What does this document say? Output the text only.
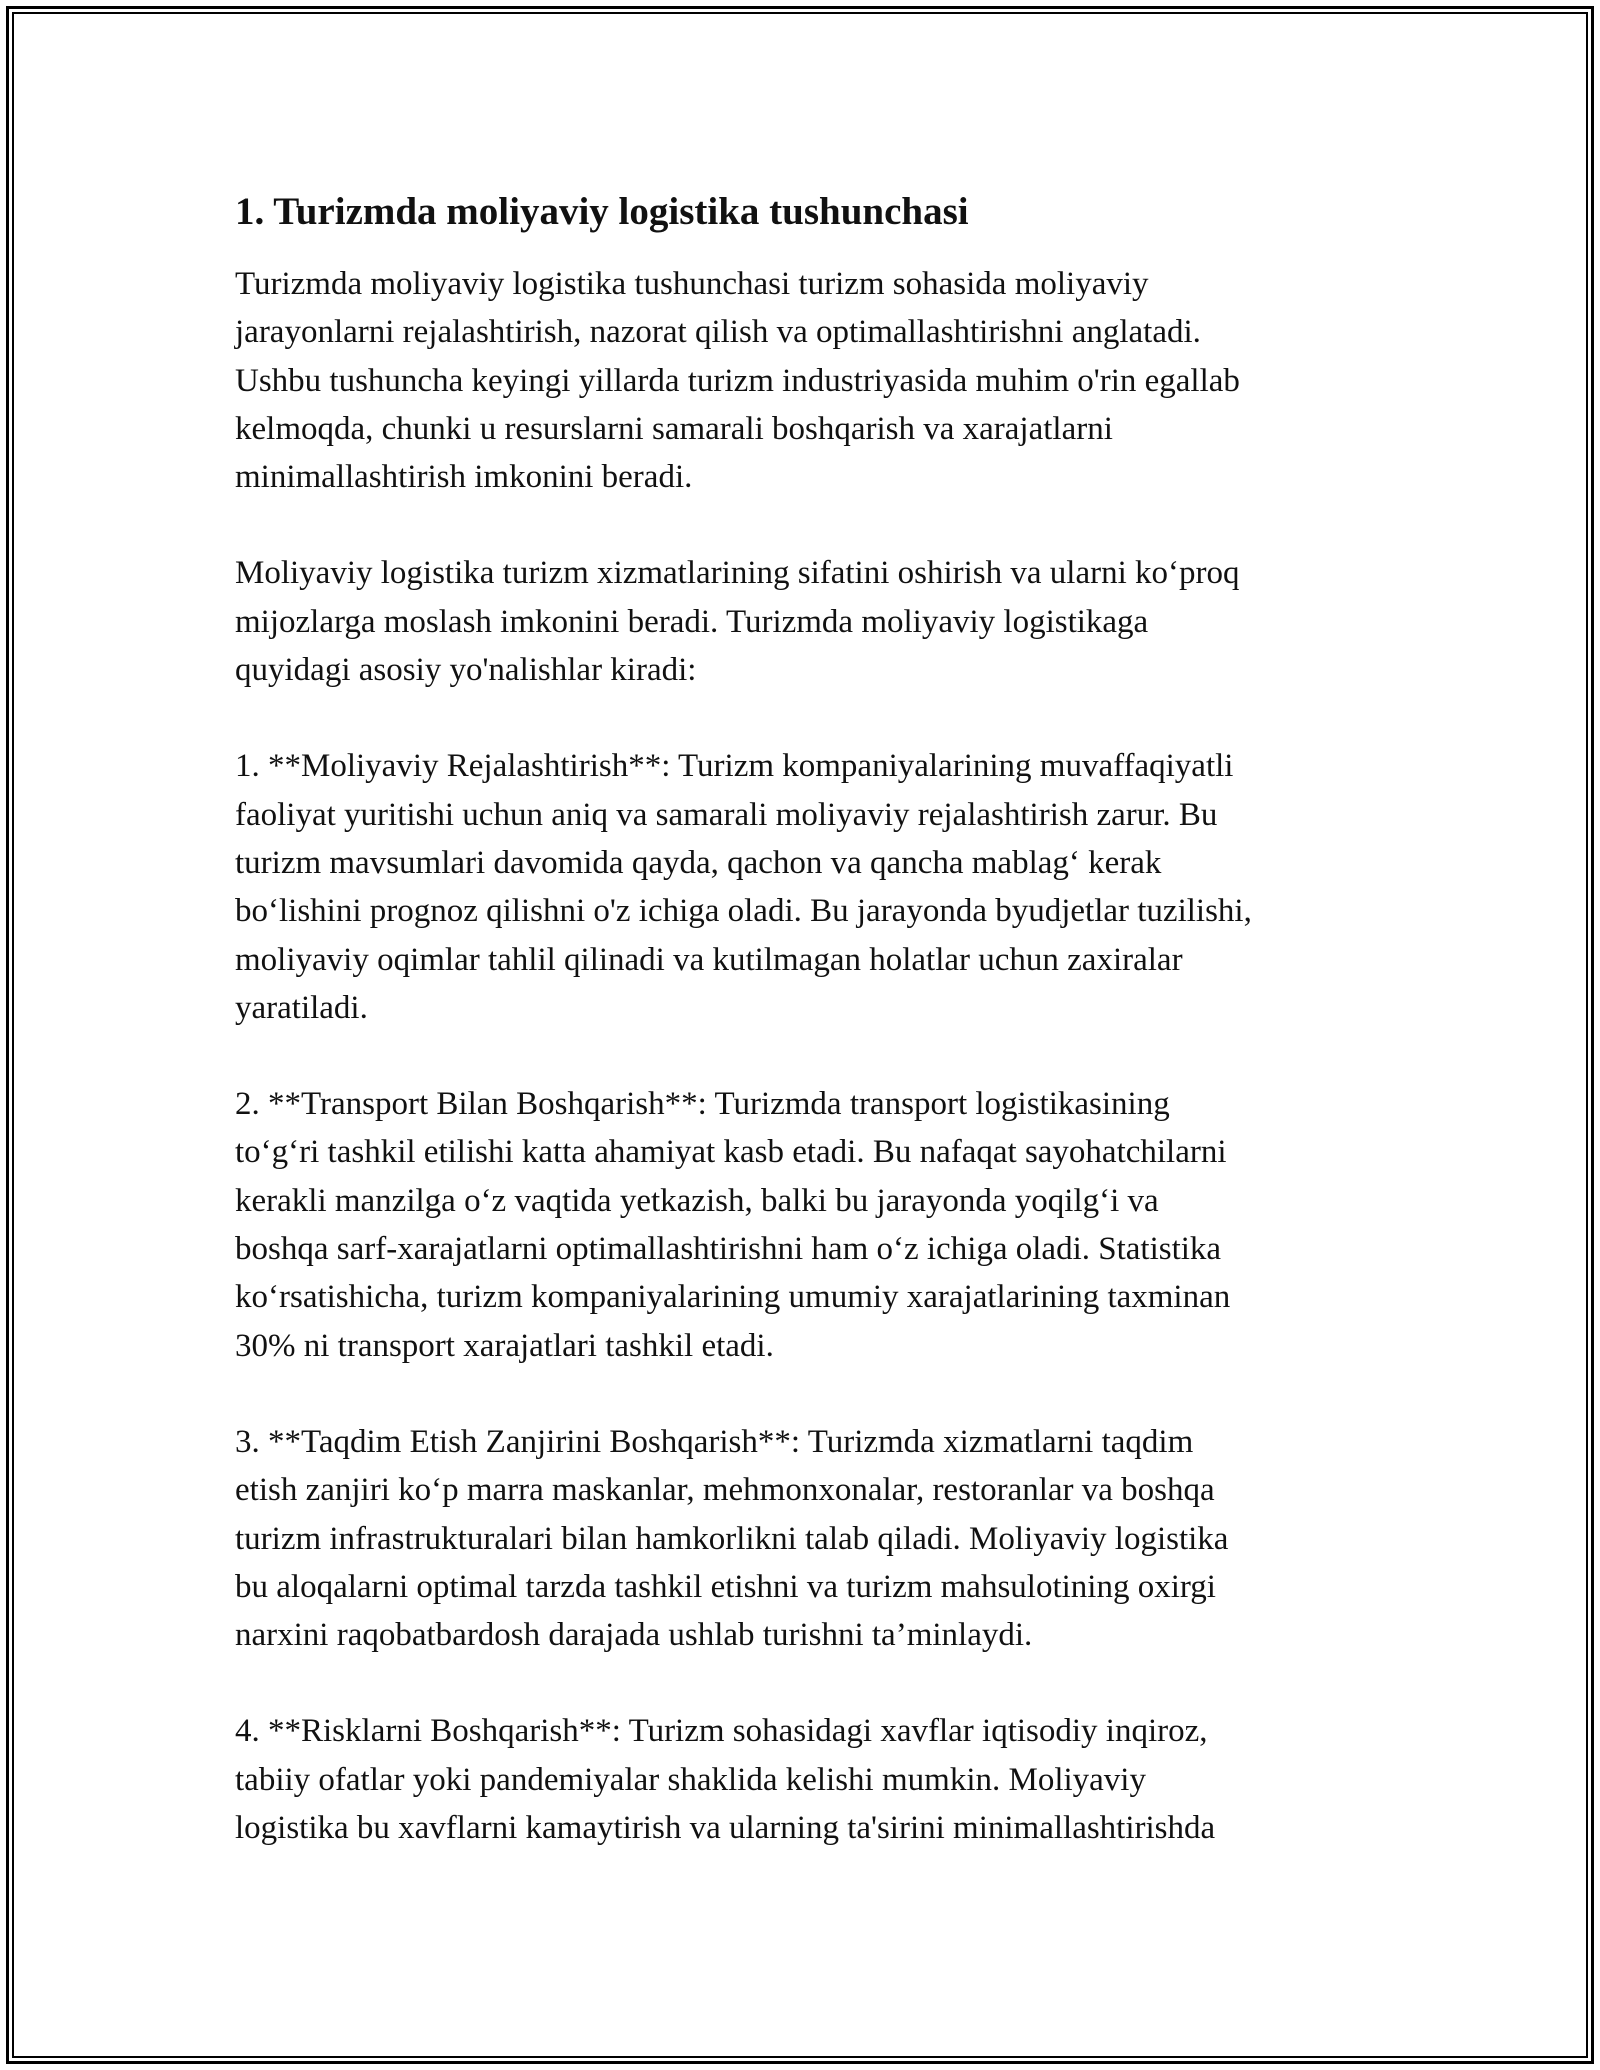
1. Turizmda moliyaviy logistika tushunchasi
Turizmda moliyaviy logistika tushunchasi turizm sohasida moliyaviy
jarayonlarni rejalashtirish, nazorat qilish va optimallashtirishni anglatadi.
Ushbu tushuncha keyingi yillarda turizm industriyasida muhim o'rin egallab
kelmoqda, chunki u resurslarni samarali boshqarish va xarajatlarni
minimallashtirish imkonini beradi.
Moliyaviy logistika turizm xizmatlarining sifatini oshirish va ularni ko‘proq
mijozlarga moslash imkonini beradi. Turizmda moliyaviy logistikaga
quyidagi asosiy yo'nalishlar kiradi:
1. **Moliyaviy Rejalashtirish**: Turizm kompaniyalarining muvaffaqiyatli
faoliyat yuritishi uchun aniq va samarali moliyaviy rejalashtirish zarur. Bu
turizm mavsumlari davomida qayda, qachon va qancha mablag‘ kerak
bo‘lishini prognoz qilishni o'z ichiga oladi. Bu jarayonda byudjetlar tuzilishi,
moliyaviy oqimlar tahlil qilinadi va kutilmagan holatlar uchun zaxiralar
yaratiladi.
2. **Transport Bilan Boshqarish**: Turizmda transport logistikasining
to‘g‘ri tashkil etilishi katta ahamiyat kasb etadi. Bu nafaqat sayohatchilarni
kerakli manzilga o‘z vaqtida yetkazish, balki bu jarayonda yoqilg‘i va
boshqa sarf-xarajatlarni optimallashtirishni ham o‘z ichiga oladi. Statistika
ko‘rsatishicha, turizm kompaniyalarining umumiy xarajatlarining taxminan
30% ni transport xarajatlari tashkil etadi.
3. **Taqdim Etish Zanjirini Boshqarish**: Turizmda xizmatlarni taqdim
etish zanjiri ko‘p marra maskanlar, mehmonxonalar, restoranlar va boshqa
turizm infrastrukturalari bilan hamkorlikni talab qiladi. Moliyaviy logistika
bu aloqalarni optimal tarzda tashkil etishni va turizm mahsulotining oxirgi
narxini raqobatbardosh darajada ushlab turishni ta’minlaydi.
4. **Risklarni Boshqarish**: Turizm sohasidagi xavflar iqtisodiy inqiroz,
tabiiy ofatlar yoki pandemiyalar shaklida kelishi mumkin. Moliyaviy
logistika bu xavflarni kamaytirish va ularning ta'sirini minimallashtirishda
